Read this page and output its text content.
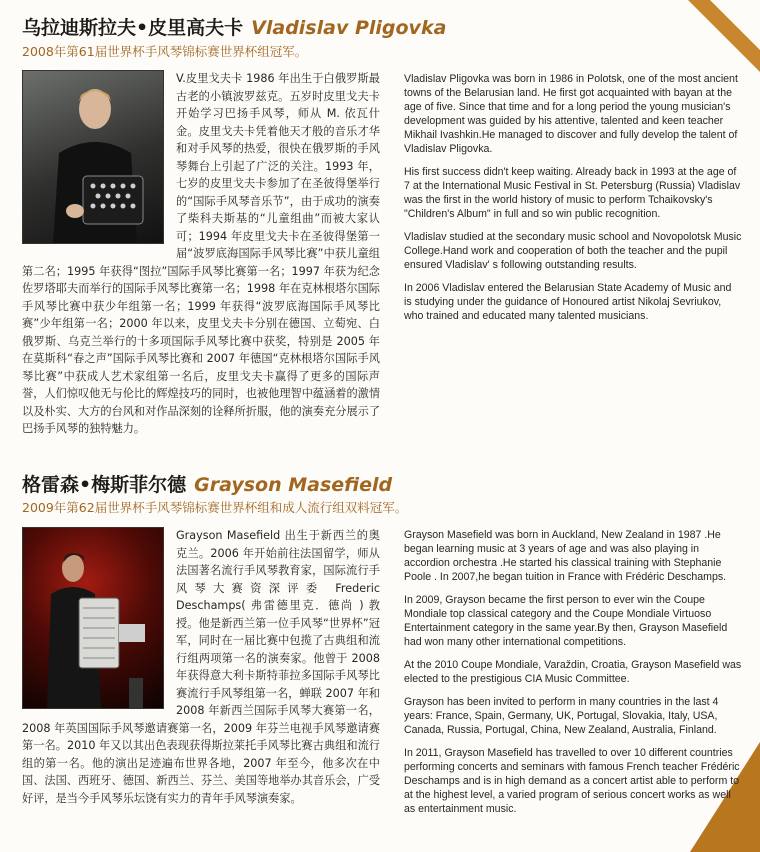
乌拉迪斯拉夫•皮里高夫卡 Vladislav Pligovka
2008年第61届世界杯手风琴锦标赛世界杯组冠军。

V.皮里戈夫卡 1986 年出生于白俄罗斯最古老的小镇波罗兹克。五岁时皮里戈夫卡开始学习巴扬手风琴，师从 M. 依瓦什金。皮里戈夫卡凭着他天才般的音乐才华和对手风琴的热爱，很快在俄罗斯的手风琴舞台上引起了广泛的关注。1993 年，七岁的皮里戈夫卡参加了在圣彼得堡举行的“国际手风琴音乐节”，由于成功的演奏了柴科夫斯基的“儿童组曲”而被大家认可；1994 年皮里戈夫卡在圣彼得堡第一届“波罗底海国际手风琴比赛”中获儿童组第二名；1995 年获得“图拉”国际手风琴比赛第一名；1997 年获为纪念佐罗塔耶夫而举行的国际手风琴比赛第一名；1998 年在克林根塔尔国际手风琴比赛中获少年组第一名；1999 年获得“波罗底海国际手风琴比赛”少年组第一名；2000 年以来，皮里戈夫卡分别在德国、立萄宛、白俄罗斯、乌克兰举行的十多项国际手风琴比赛中获奖，特别是 2005 年在莫斯科“春之声”国际手风琴比赛和 2007 年德国“克林根塔尔国际手风琴比赛”中获成人艺术家组第一名后，皮里戈夫卡赢得了更多的国际声誉，人们惊叹他无与伦比的辉煌技巧的同时，也被他理智中蕴涵着的激情以及朴实、大方的台风和对作品深刻的诠释所折服，他的演奏充分展示了巴扬手风琴的独特魅力。

Vladislav Pligovka was born in 1986 in Polotsk, one of the most ancient towns of the Belarusian land. He first got acquainted with bayan at the age of five. Since that time and for a long period the young musician's development was guided by his attentive, talented and keen teacher Mikhail Ivashkin.He managed to discover and fully develop the talent of Vladislav Pligovka.

His first success didn't keep waiting. Already back in 1993 at the age of 7 at the International Music Festival in St. Petersburg (Russia) Vladislav was the first in the world history of music to perform Tchaikovsky's "Children's Album" in full and so win public recognition.

Vladislav studied at the secondary music school and Novopolotsk Music College.Hand work and cooperation of both the teacher and the pupil ensured Vladislav' s following outstanding results.

In 2006 Vladislav entered the Belarusian State Academy of Music and is studying under the guidance of Honoured artist Nikolaj Sevriukov, who trained and educated many talented musicians.

格雷森•梅斯菲尔德 Grayson Masefield
2009年第62届世界杯手风琴锦标赛世界杯组和成人流行组双料冠军。

Grayson Masefield 出生于新西兰的奥克兰。2006 年开始前往法国留学，师从法国著名流行手风琴教育家，国际流行手风琴大赛资深评委 Frederic Deschamps( 弗雷德里克．德尚 ) 教授。他是新西兰第一位手风琴“世界杯”冠军，同时在一届比赛中包揽了古典组和流行组两项第一名的演奏家。他曾于 2008 年获得意大利卡斯特菲拉多国际手风琴比赛流行手风琴组第一名，蝉联 2007 年和 2008 年新西兰国际手风琴大赛第一名，2008 年英国国际手风琴邀请赛第一名，2009 年芬兰电视手风琴邀请赛第一名。2010 年又以其出色表现获得斯拉莱托手风琴比赛古典组和流行组的第一名。他的演出足迹遍布世界各地，2007 年至今，他多次在中国、法国、西班牙、德国、新西兰、芬兰、美国等地举办其音乐会，广受好评，是当今手风琴乐坛饶有实力的青年手风琴演奏家。

Grayson Masefield was born in Auckland, New Zealand in 1987 .He began learning music at 3 years of age and was also playing in accordion orchestra .He started his classical training with Stephanie Poole . In 2007,he began tuition in France with Frédéric Deschamps.

In 2009, Grayson became the first person to ever win the Coupe Mondiale top classical category and the Coupe Mondiale Virtuoso Entertainment category in the same year.By then, Grayson Masefield had won many other international competitions.

At the 2010 Coupe Mondiale, Varaždin, Croatia, Grayson Masefield was elected to the prestigious CIA Music Committee.

Grayson has been invited to perform in many countries in the last 4 years: France, Spain, Germany, UK, Portugal, Slovakia, Italy, USA, Canada, Russia, Portugal, China, New Zealand, Australia, Finland.

In 2011, Grayson Masefield has travelled to over 10 different countries performing concerts and seminars with famous French teacher Frédéric Deschamps and is in high demand as a concert artist able to perform to at the highest level, a varied program of serious concert works as well as entertainment music.
